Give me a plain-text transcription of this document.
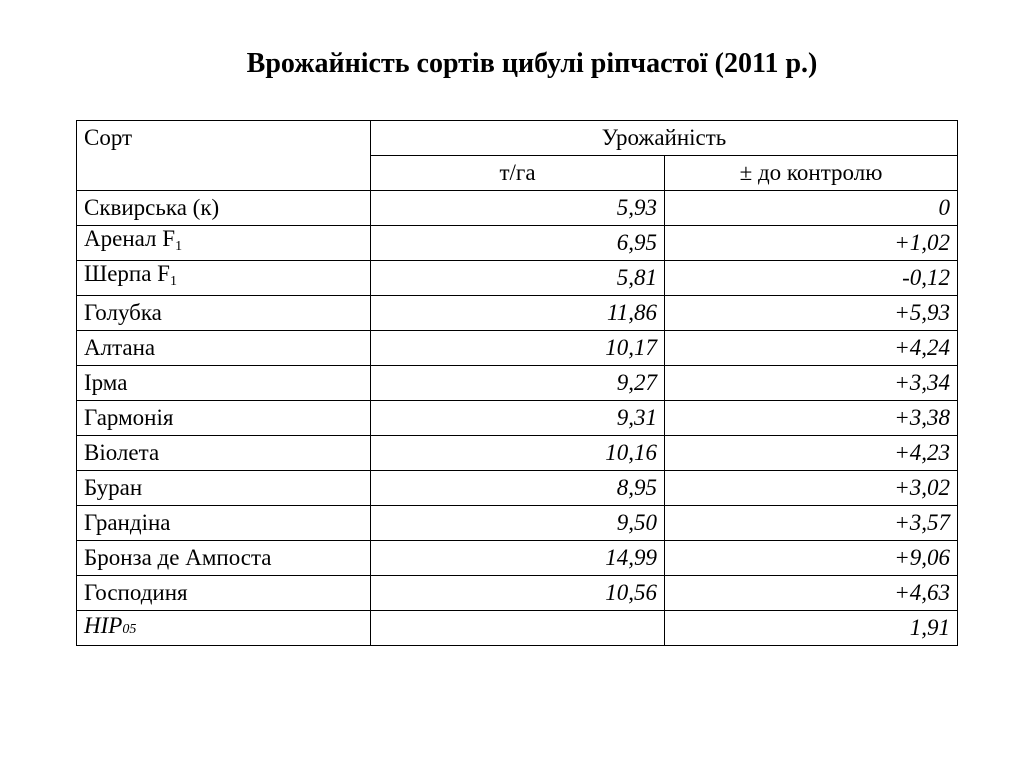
Врожайність сортів цибулі ріпчастої (2011 р.)
Сорт	Урожайність	
	т/га	± до контролю
Сквирська (к)	5,93	0
Аренал $F_1$	6,95	+1,02
Шерпа $F_1$	5,81	-0,12
Голубка	11,86	+5,93
Алтана	10,17	+4,24
Ірма	9,27	+3,34
Гармонія	9,31	+3,38
Віолета	10,16	+4,23
Буран	8,95	+3,02
Грандіна	9,50	+3,57
Бронза де Ампоста	14,99	+9,06
Господиня	10,56	+4,63
HIP05		1,91
